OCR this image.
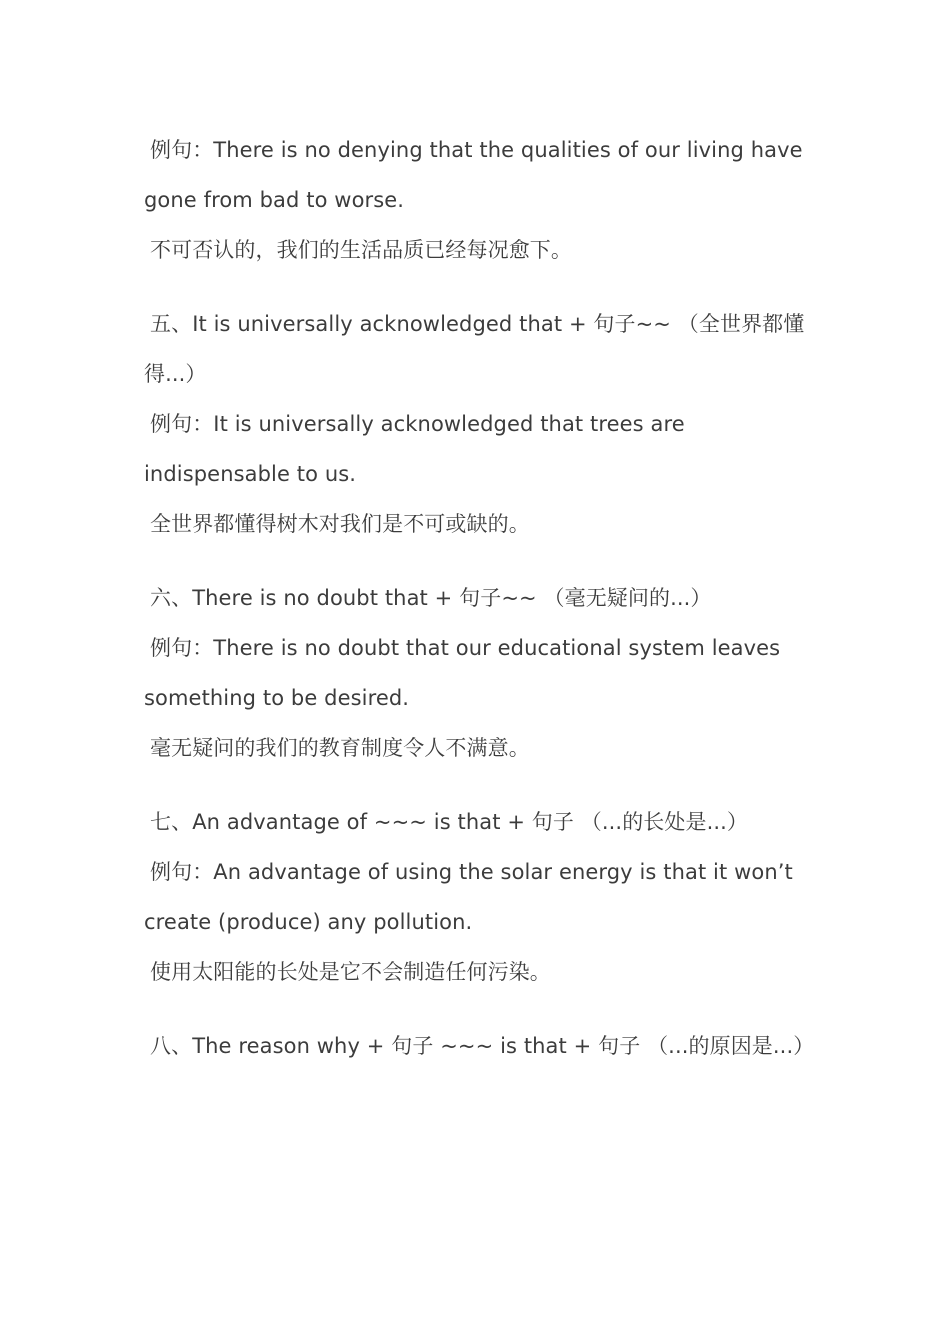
例句：There is no denying that the qualities of our living have
gone from bad to worse.
不可否认的，我们的生活品质已经每况愈下。
五、It is universally acknowledged that + 句子~~ （全世界都懂
得...）
例句：It is universally acknowledged that trees are
indispensable to us.
全世界都懂得树木对我们是不可或缺的。
六、There is no doubt that + 句子~~ （毫无疑问的...）
例句：There is no doubt that our educational system leaves
something to be desired.
毫无疑问的我们的教育制度令人不满意。
七、An advantage of ~~~ is that + 句子 （...的长处是...）
例句：An advantage of using the solar energy is that it won’t
create (produce) any pollution.
使用太阳能的长处是它不会制造任何污染。
八、The reason why + 句子 ~~~ is that + 句子 （...的原因是...）
